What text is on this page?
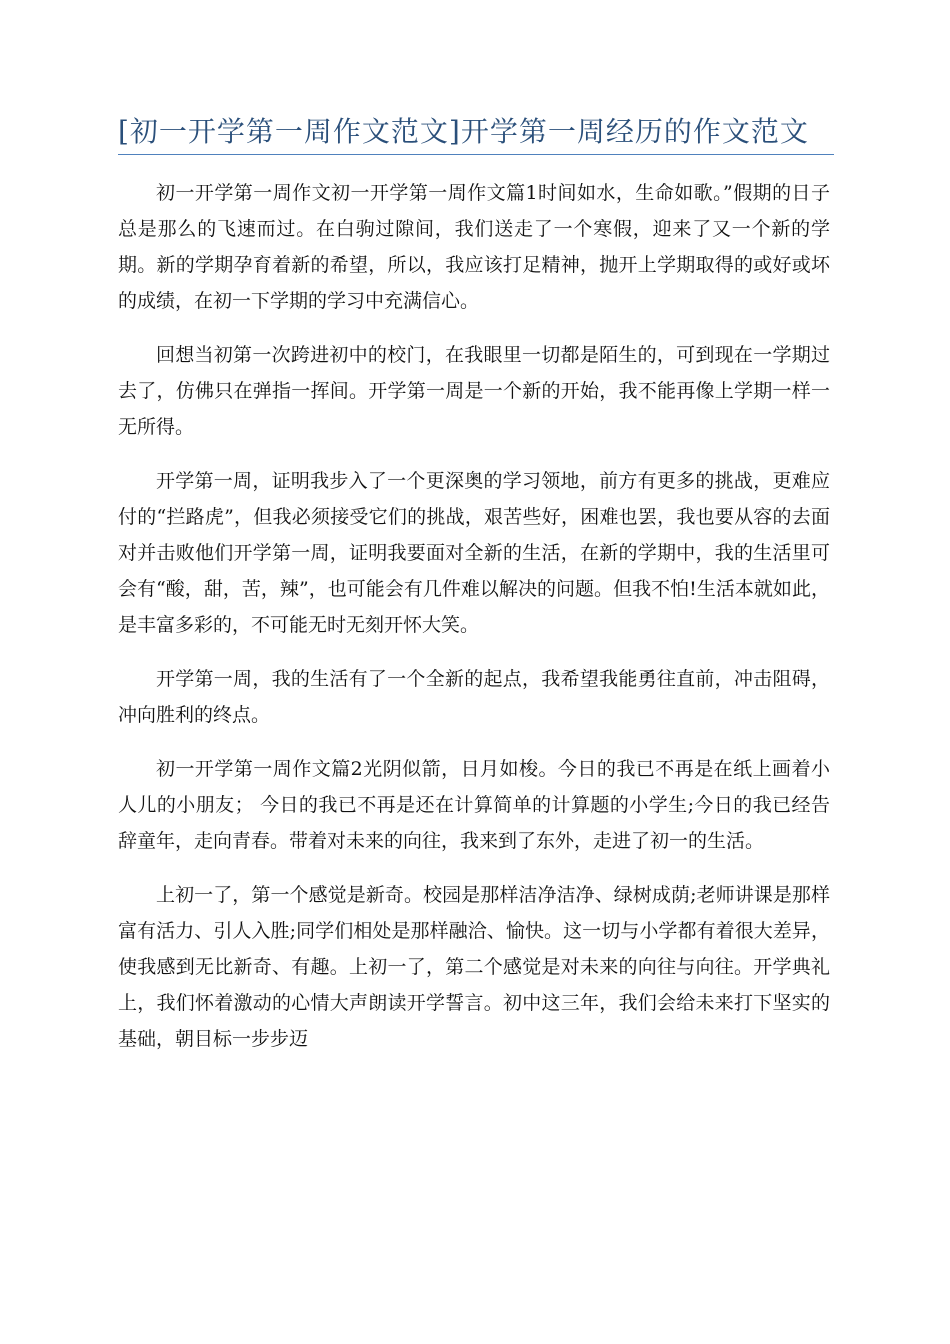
[初一开学第一周作文范文]开学第一周经历的作文范文

初一开学第一周作文初一开学第一周作文篇1时间如水，生命如歌。”假期的日子总是那么的飞速而过。在白驹过隙间，我们送走了一个寒假，迎来了又一个新的学期。新的学期孕育着新的希望，所以，我应该打足精神，抛开上学期取得的或好或坏的成绩，在初一下学期的学习中充满信心。

回想当初第一次跨进初中的校门，在我眼里一切都是陌生的，可到现在一学期过去了，仿佛只在弹指一挥间。开学第一周是一个新的开始，我不能再像上学期一样一无所得。

开学第一周，证明我步入了一个更深奥的学习领地，前方有更多的挑战，更难应付的“拦路虎”，但我必须接受它们的挑战，艰苦些好，困难也罢，我也要从容的去面对并击败他们开学第一周，证明我要面对全新的生活，在新的学期中，我的生活里可会有“酸，甜，苦，辣”，也可能会有几件难以解决的问题。但我不怕!生活本就如此，是丰富多彩的，不可能无时无刻开怀大笑。

开学第一周，我的生活有了一个全新的起点，我希望我能勇往直前，冲击阻碍，冲向胜利的终点。

初一开学第一周作文篇2光阴似箭，日月如梭。今日的我已不再是在纸上画着小人儿的小朋友； 今日的我已不再是还在计算简单的计算题的小学生;今日的我已经告辞童年，走向青春。带着对未来的向往，我来到了东外，走进了初一的生活。

上初一了，第一个感觉是新奇。校园是那样洁净洁净、绿树成荫;老师讲课是那样富有活力、引人入胜;同学们相处是那样融洽、愉快。这一切与小学都有着很大差异，使我感到无比新奇、有趣。上初一了，第二个感觉是对未来的向往与向往。开学典礼上，我们怀着激动的心情大声朗读开学誓言。初中这三年，我们会给未来打下坚实的基础，朝目标一步步迈
